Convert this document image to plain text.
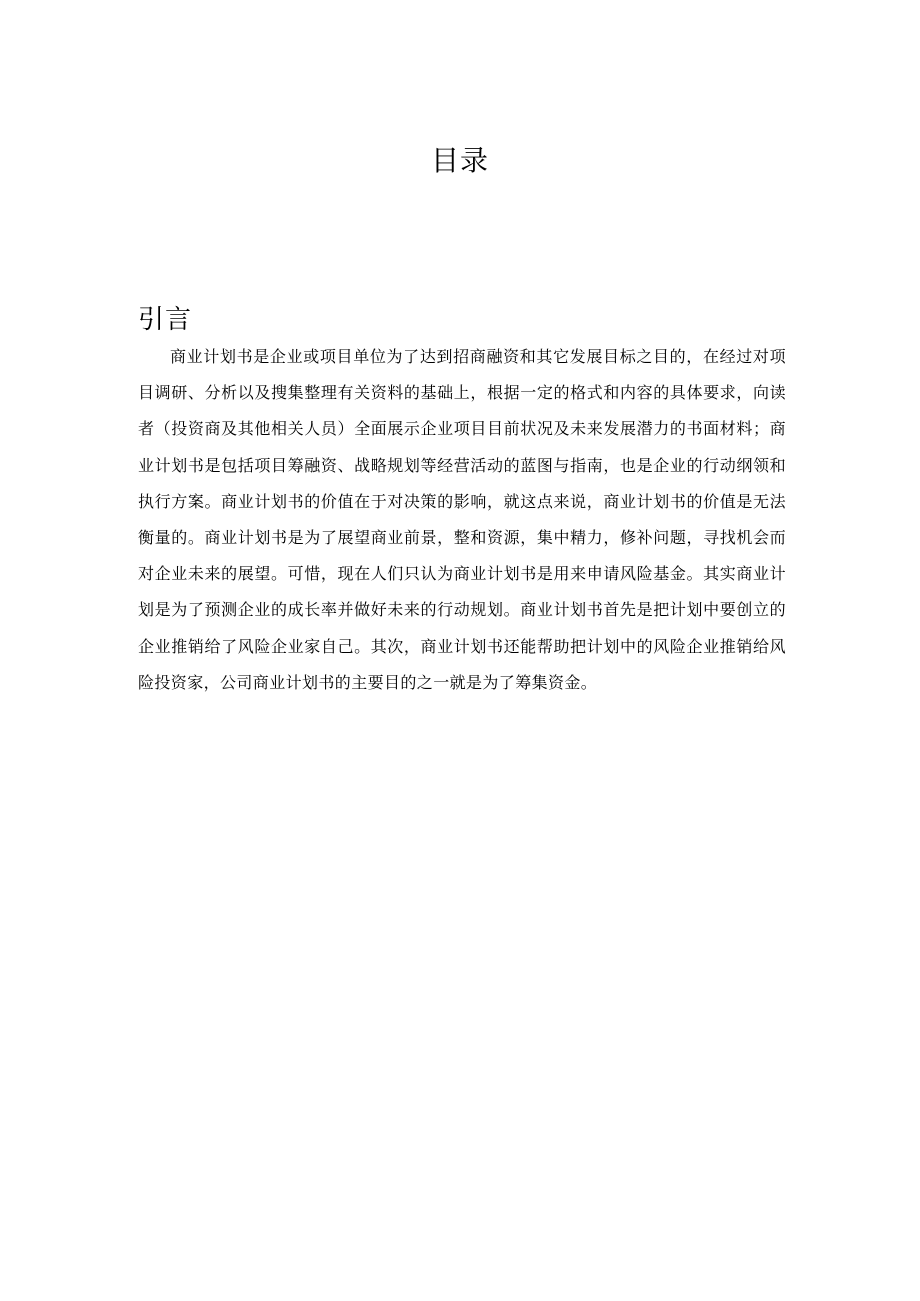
目录
引言

商业计划书是企业或项目单位为了达到招商融资和其它发展目标之目的，在经过对项目调研、分析以及搜集整理有关资料的基础上，根据一定的格式和内容的具体要求，向读者（投资商及其他相关人员）全面展示企业项目目前状况及未来发展潜力的书面材料；商业计划书是包括项目筹融资、战略规划等经营活动的蓝图与指南，也是企业的行动纲领和执行方案。商业计划书的价值在于对决策的影响，就这点来说，商业计划书的价值是无法衡量的。商业计划书是为了展望商业前景，整和资源，集中精力，修补问题，寻找机会而对企业未来的展望。可惜，现在人们只认为商业计划书是用来申请风险基金。其实商业计划是为了预测企业的成长率并做好未来的行动规划。商业计划书首先是把计划中要创立的企业推销给了风险企业家自己。其次，商业计划书还能帮助把计划中的风险企业推销给风险投资家，公司商业计划书的主要目的之一就是为了筹集资金。
